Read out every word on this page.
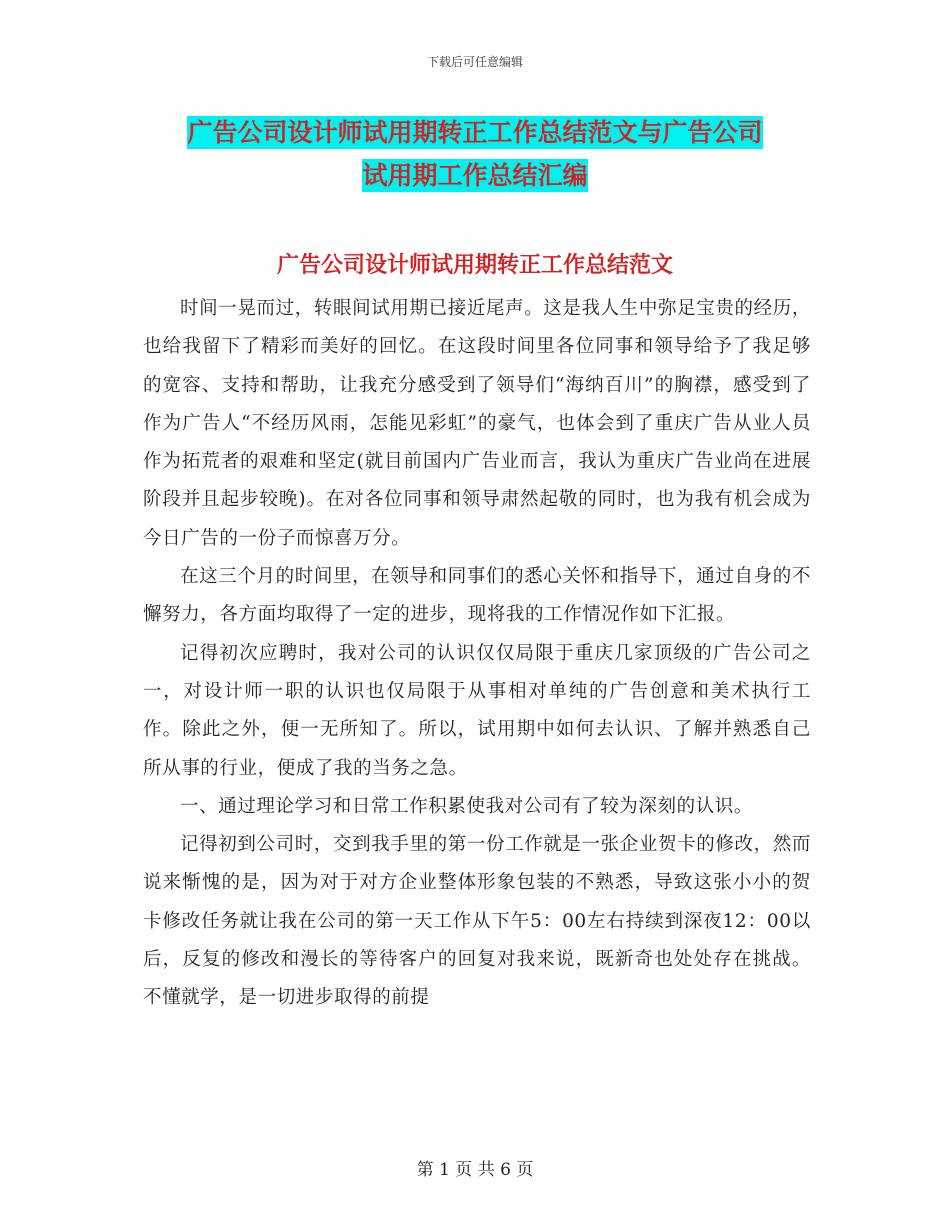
下载后可任意编辑
广告公司设计师试用期转正工作总结范文与广告公司
试用期工作总结汇编
广告公司设计师试用期转正工作总结范文

时间一晃而过，转眼间试用期已接近尾声。这是我人生中弥足宝贵的经历，也给我留下了精彩而美好的回忆。在这段时间里各位同事和领导给予了我足够的宽容、支持和帮助，让我充分感受到了领导们“海纳百川”的胸襟，感受到了作为广告人“不经历风雨，怎能见彩虹”的豪气，也体会到了重庆广告从业人员作为拓荒者的艰难和坚定(就目前国内广告业而言，我认为重庆广告业尚在进展阶段并且起步较晚)。在对各位同事和领导肃然起敬的同时，也为我有机会成为今日广告的一份子而惊喜万分。

在这三个月的时间里，在领导和同事们的悉心关怀和指导下，通过自身的不懈努力，各方面均取得了一定的进步，现将我的工作情况作如下汇报。

记得初次应聘时，我对公司的认识仅仅局限于重庆几家顶级的广告公司之一，对设计师一职的认识也仅局限于从事相对单纯的广告创意和美术执行工作。除此之外，便一无所知了。所以，试用期中如何去认识、了解并熟悉自己所从事的行业，便成了我的当务之急。

一、通过理论学习和日常工作积累使我对公司有了较为深刻的认识。

记得初到公司时，交到我手里的第一份工作就是一张企业贺卡的修改，然而说来惭愧的是，因为对于对方企业整体形象包装的不熟悉，导致这张小小的贺卡修改任务就让我在公司的第一天工作从下午5：00左右持续到深夜12：00以后，反复的修改和漫长的等待客户的回复对我来说，既新奇也处处存在挑战。不懂就学，是一切进步取得的前提

第 1 页 共 6 页
